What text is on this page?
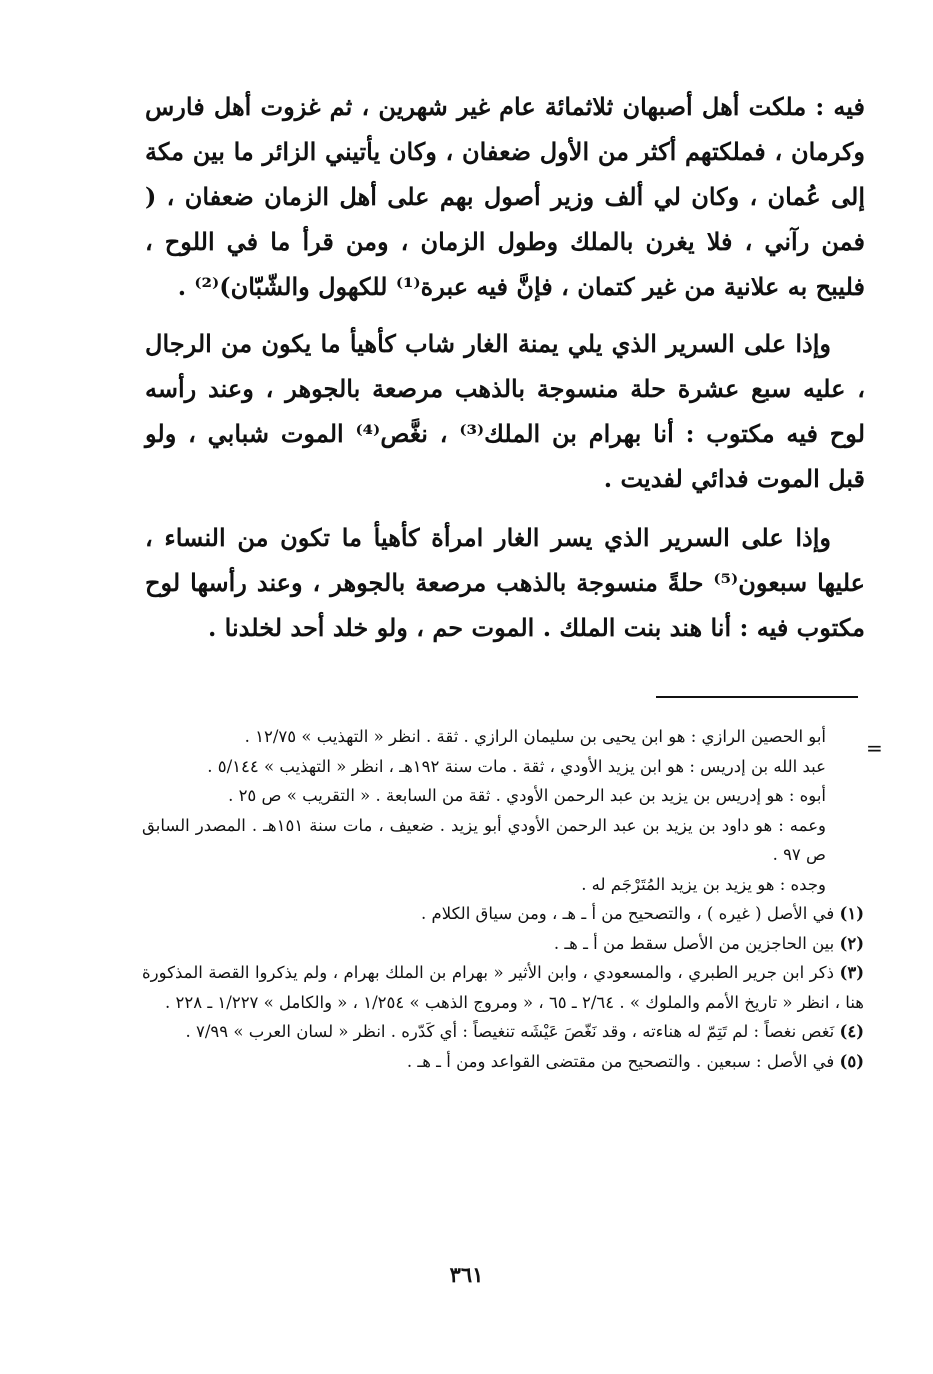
فيه : ملكت أهل أصبهان ثلاثمائة عام غير شهرين ، ثم غزوت أهل فارس وكرمان ، فملكتهم أكثر من الأول ضعفان ، وكان يأتيني الزائر ما بين مكة إلى عُمان ، وكان لي ألف وزير أصول بهم على أهل الزمان ضعفان ، ( فمن رآني ، فلا يغرن بالملك وطول الزمان ، ومن قرأ ما في اللوح ، فليبح به علانية من غير كتمان ، فإنَّ فيه عبرة⁽¹⁾ للكهول والشّبّان)⁽²⁾ .

وإذا على السرير الذي يلي يمنة الغار شاب كأهيأ ما يكون من الرجال ، عليه سبع عشرة حلة منسوجة بالذهب مرصعة بالجوهر ، وعند رأسه لوح فيه مكتوب : أنا بهرام بن الملك⁽³⁾ ، نغَّص⁽⁴⁾ الموت شبابي ، ولو قبل الموت فدائي لفديت .

وإذا على السرير الذي يسر الغار امرأة كأهيأ ما تكون من النساء ، عليها سبعون⁽⁵⁾ حلةً منسوجة بالذهب مرصعة بالجوهر ، وعند رأسها لوح مكتوب فيه : أنا هند بنت الملك . الموت حم ، ولو خلد أحد لخلدنا .

=

أبو الحصين الرازي : هو ابن يحيى بن سليمان الرازي . ثقة . انظر « التهذيب » ١٢/٧٥ .

عبد الله بن إدريس : هو ابن يزيد الأودي ، ثقة . مات سنة ١٩٢هـ ، انظر « التهذيب » ٥/١٤٤ .

أبوه : هو إدريس بن يزيد بن عبد الرحمن الأودي . ثقة من السابعة . « التقريب » ص ٢٥ .

وعمه : هو داود بن يزيد بن عبد الرحمن الأودي أبو يزيد . ضعيف ، مات سنة ١٥١هـ . المصدر السابق ص ٩٧ .

وجده : هو يزيد بن يزيد المُتَرْجَم له .

(١) في الأصل ( غيره ) ، والتصحيح من أ ـ هـ ، ومن سياق الكلام .

(٢) بين الحاجزين من الأصل سقط من أ ـ هـ .

(٣) ذكر ابن جرير الطبري ، والمسعودي ، وابن الأثير « بهرام بن الملك بهرام ، ولم يذكروا القصة المذكورة هنا ، انظر « تاريخ الأمم والملوك » . ٢/٦٤ ـ ٦٥ ، « ومروج الذهب » ١/٢٥٤ ، « والكامل » ١/٢٢٧ ـ ٢٢٨ .

(٤) نَغص نغصاً : لم تَتِمّ له هناءته ، وقد نَغّصَ عَيْشَه تنغيصاً : أي كَدّره . انظر « لسان العرب » ٧/٩٩ .

(٥) في الأصل : سبعين . والتصحيح من مقتضى القواعد ومن أ ـ هـ .

٣٦١
